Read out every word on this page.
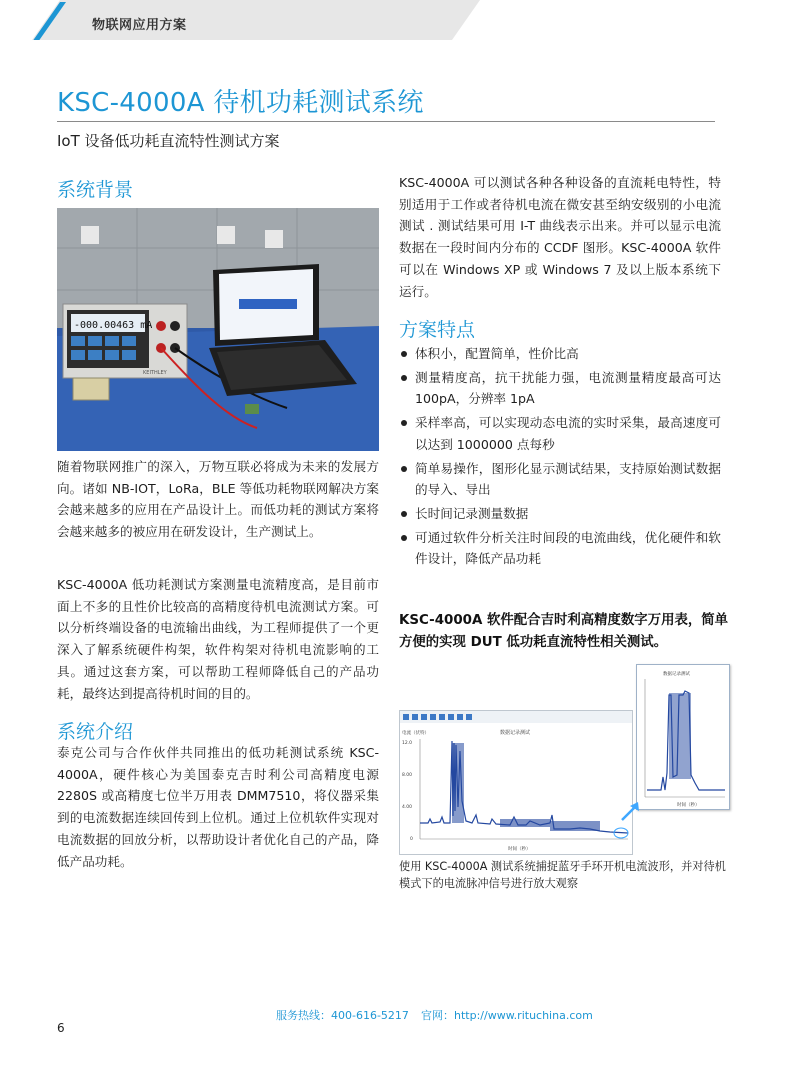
物联网应用方案
KSC-4000A 待机功耗测试系统
IoT 设备低功耗直流特性测试方案
系统背景
-000.00463 mA
KEITHLEY
随着物联网推广的深入，万物互联必将成为未来的发展方向。诸如 NB-IOT，LoRa，BLE 等低功耗物联网解决方案会越来越多的应用在产品设计上。而低功耗的测试方案将会越来越多的被应用在研发设计，生产测试上。
KSC-4000A 低功耗测试方案测量电流精度高，是目前市面上不多的且性价比较高的高精度待机电流测试方案。可以分析终端设备的电流输出曲线，为工程师提供了一个更深入了解系统硬件构架，软件构架对待机电流影响的工具。通过这套方案，可以帮助工程师降低自己的产品功耗，最终达到提高待机时间的目的。
系统介绍
泰克公司与合作伙伴共同推出的低功耗测试系统 KSC-4000A，硬件核心为美国泰克吉时利公司高精度电源 2280S 或高精度七位半万用表 DMM7510，将仪器采集到的电流数据连续回传到上位机。通过上位机软件实现对电流数据的回放分析，以帮助设计者优化自己的产品，降低产品功耗。
KSC-4000A 可以测试各种各种设备的直流耗电特性，特别适用于工作或者待机电流在微安甚至纳安级别的小电流测试 . 测试结果可用 I-T 曲线表示出来。并可以显示电流数据在一段时间内分布的 CCDF 图形。KSC-4000A 软件可以在 Windows XP 或 Windows 7 及以上版本系统下运行。
方案特点
体积小，配置简单，性价比高
测量精度高，抗干扰能力强，电流测量精度最高可达 100pA，分辨率 1pA
采样率高，可以实现动态电流的实时采集，最高速度可以达到 1000000 点每秒
简单易操作，图形化显示测试结果，支持原始测试数据的导入、导出
长时间记录测量数据
可通过软件分析关注时间段的电流曲线，优化硬件和软件设计，降低产品功耗
KSC-4000A 软件配合吉时利高精度数字万用表，简单方便的实现 DUT 低功耗直流特性相关测试。
电流（伏特）	数据记录测试
12.0
8.00
4.00
0
时间（秒）
数据记录测试
时间（秒）
使用 KSC-4000A 测试系统捕捉蓝牙手环开机电流波形，并对待机模式下的电流脉冲信号进行放大观察
服务热线：400-616-5217 官网：http://www.rituchina.com
6
